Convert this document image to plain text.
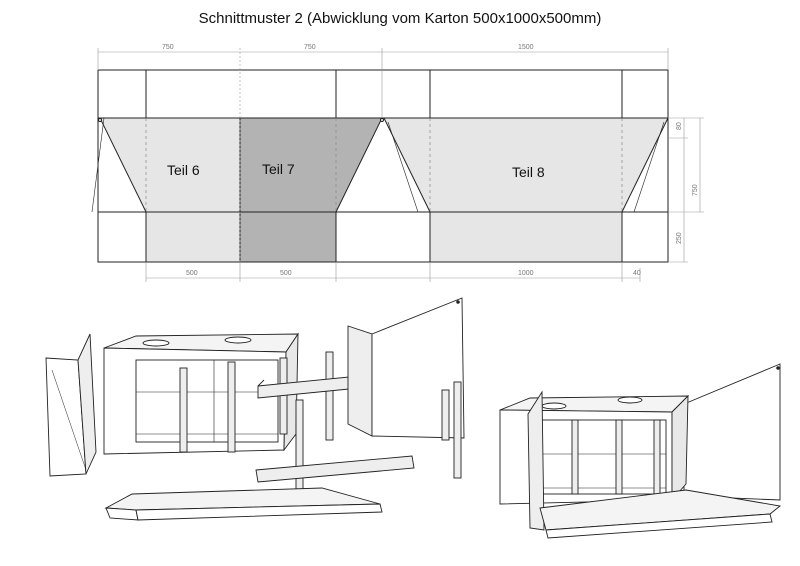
Schnittmuster 2 (Abwicklung vom Karton 500x1000x500mm)
Teil 6	Teil 7	Teil 8
750	750	1500
500	500	1000	40
80
750
250
